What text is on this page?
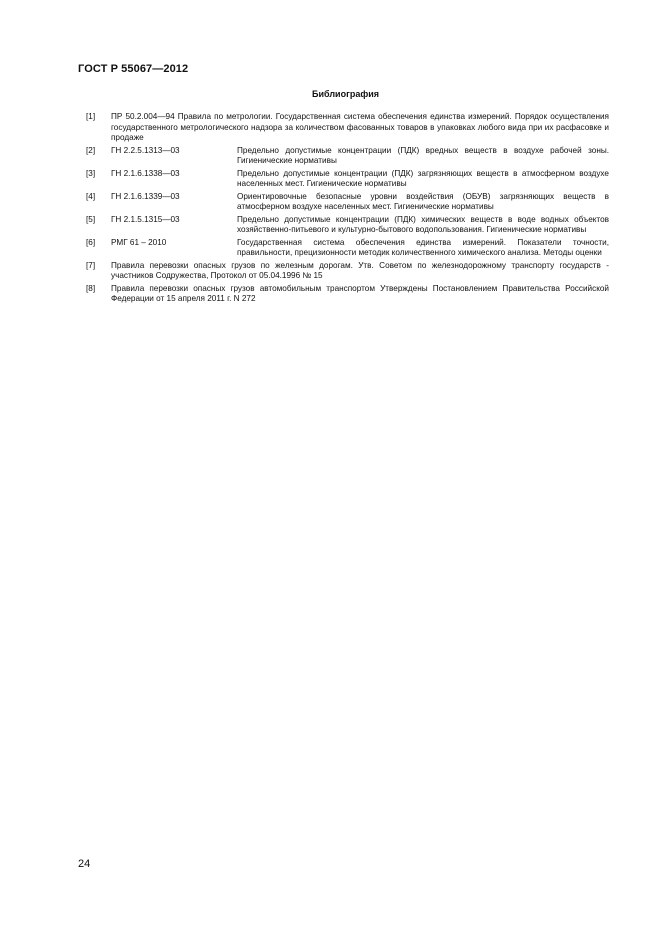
ГОСТ Р 55067—2012
Библиография
[1]	ПР 50.2.004—94 Правила по метрологии. Государственная система обеспечения единства измерений. Порядок осуществления государственного метрологического надзора за количеством фасованных товаров в упаковках любого вида при их расфасовке и продаже
[2]	ГН 2.2.5.1313—03	Предельно допустимые концентрации (ПДК) вредных веществ в воздухе рабочей зоны. Гигиенические нормативы
[3]	ГН 2.1.6.1338—03	Предельно допустимые концентрации (ПДК) загрязняющих веществ в атмосферном воздухе населенных мест. Гигиенические нормативы
[4]	ГН 2.1.6.1339—03	Ориентировочные безопасные уровни воздействия (ОБУВ) загрязняющих веществ в атмосферном воздухе населенных мест. Гигиенические нормативы
[5]	ГН 2.1.5.1315—03	Предельно допустимые концентрации (ПДК) химических веществ в воде водных объектов хозяйственно-питьевого и культурно-бытового водопользования. Гигиенические нормативы
[6]	РМГ 61 – 2010	Государственная система обеспечения единства измерений. Показатели точности, правильности, прецизионности методик количественного химического анализа. Методы оценки
[7]	Правила перевозки опасных грузов по железным дорогам. Утв. Советом по железнодорожному транспорту государств - участников Содружества, Протокол от 05.04.1996 № 15
[8]	Правила перевозки опасных грузов автомобильным транспортом Утверждены Постановлением Правительства Российской Федерации от 15 апреля 2011 г. N 272
24
